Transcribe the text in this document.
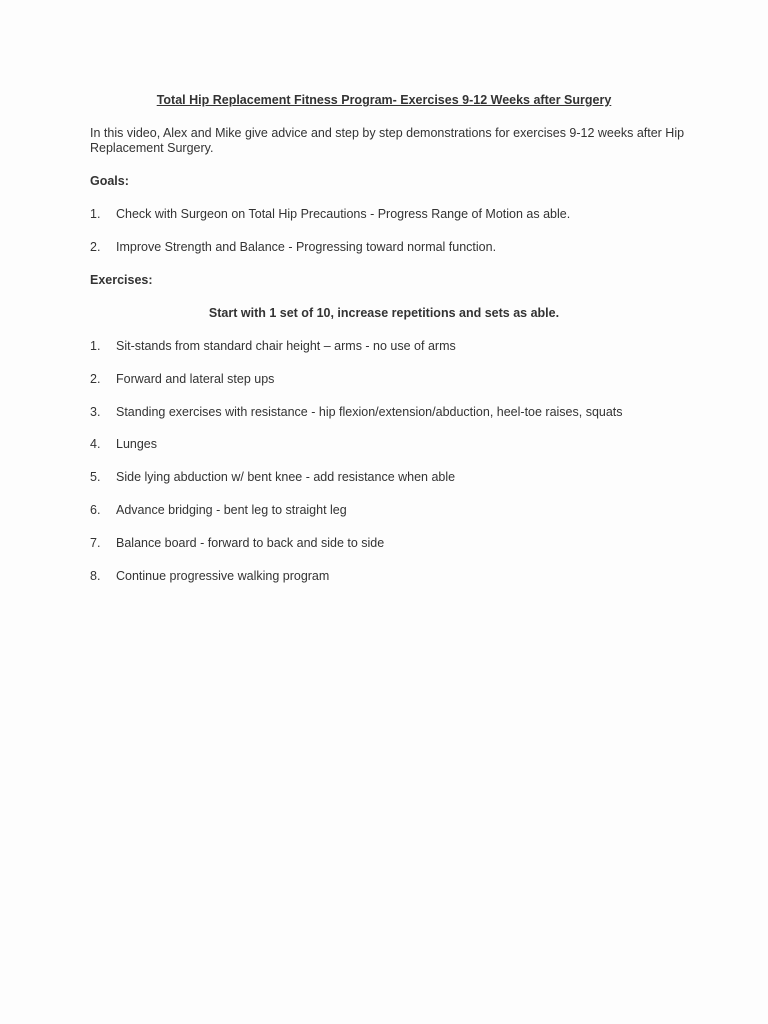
Total Hip Replacement Fitness Program- Exercises 9-12 Weeks after Surgery
In this video, Alex and Mike give advice and step by step demonstrations for exercises 9-12 weeks after Hip Replacement Surgery.
Goals:
1. Check with Surgeon on Total Hip Precautions - Progress Range of Motion as able.
2. Improve Strength and Balance - Progressing toward normal function.
Exercises:
Start with 1 set of 10, increase repetitions and sets as able.
1. Sit-stands from standard chair height – arms - no use of arms
2. Forward and lateral step ups
3. Standing exercises with resistance - hip flexion/extension/abduction, heel-toe raises, squats
4. Lunges
5. Side lying abduction w/ bent knee - add resistance when able
6. Advance bridging - bent leg to straight leg
7. Balance board - forward to back and side to side
8. Continue progressive walking program
